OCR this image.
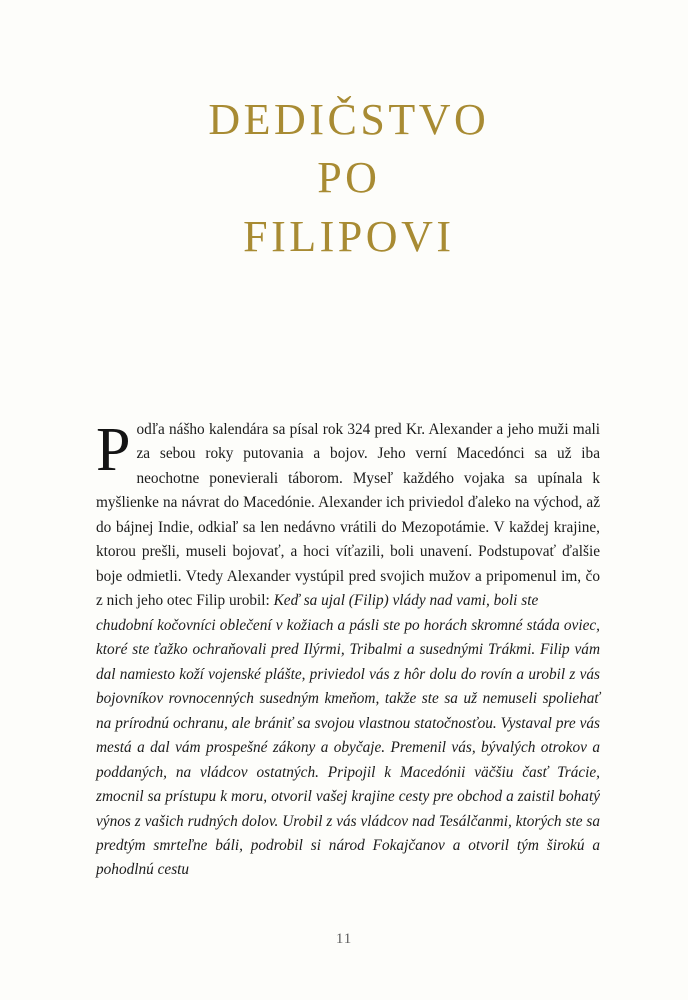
DEDIČSTVO
PO
FILIPOVI

Podľa nášho kalendára sa písal rok 324 pred Kr. Alexander a jeho muži mali za sebou roky putovania a bojov. Jeho verní Macedónci sa už iba neochotne ponevierali táborom. Myseľ každého vojaka sa upínala k myšlienke na návrat do Macedónie. Alexander ich priviedol ďaleko na východ, až do bájnej Indie, odkiaľ sa len nedávno vrátili do Mezopotámie. V každej krajine, ktorou prešli, museli bojovať, a hoci víťazili, boli unavení. Podstupovať ďalšie boje odmietli. Vtedy Alexander vystúpil pred svojich mužov a pripomenul im, čo z nich jeho otec Filip urobil: Keď sa ujal (Filip) vlády nad vami, boli ste

chudobní kočovníci oblečení v kožiach a pásli ste po horách skromné stáda oviec, ktoré ste ťažko ochraňovali pred Ilýrmi, Tribalmi a susednými Trákmi. Filip vám dal namiesto koží vojenské plášte, priviedol vás z hôr dolu do rovín a urobil z vás bojovníkov rovnocenných susedným kmeňom, takže ste sa už nemuseli spoliehať na prírodnú ochranu, ale brániť sa svojou vlastnou statočnosťou. Vystaval pre vás mestá a dal vám prospešné zákony a obyčaje. Premenil vás, bývalých otrokov a poddaných, na vládcov ostatných. Pripojil k Macedónii väčšiu časť Trácie, zmocnil sa prístupu k moru, otvoril vašej krajine cesty pre obchod a zaistil bohatý výnos z vašich rudných dolov. Urobil z vás vládcov nad Tesálčanmi, ktorých ste sa predtým smrteľne báli, podrobil si národ Fokajčanov a otvoril tým širokú a pohodlnú cestu

11
